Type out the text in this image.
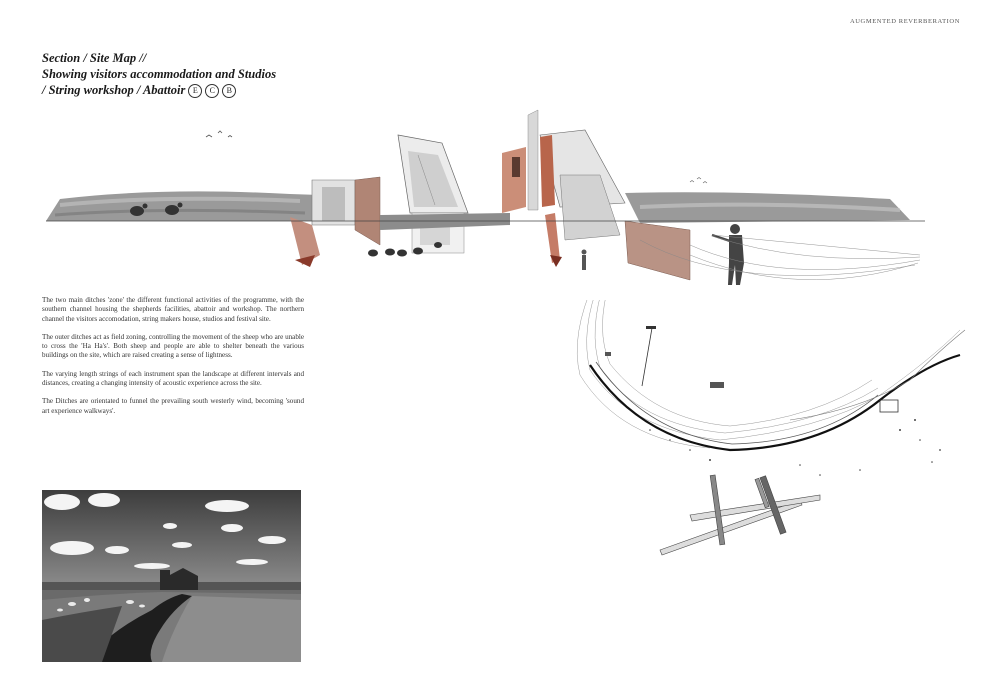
AUGMENTED REVERBERATION
Section / Site Map //
Showing visitors accommodation and Studios
/ String workshop / Abattoir E C B

The two main ditches 'zone' the different functional activities of the programme, with the southern channel housing the shepherds facilities, abattoir and workshop. The northern channel the visitors accomodation, string makers house, studios and festival site.

The outer ditches act as field zoning, controlling the movement of the sheep who are unable to cross the 'Ha Ha's'. Both sheep and people are able to shelter beneath the various buildings on the site, which are raised creating a sense of lightness.

The varying length strings of each instrument span the landscape at different intervals and distances, creating a changing intensity of acoustic experience across the site.

The Ditches are orientated to funnel the prevailing south westerly wind, becoming 'sound art experience walkways'.
